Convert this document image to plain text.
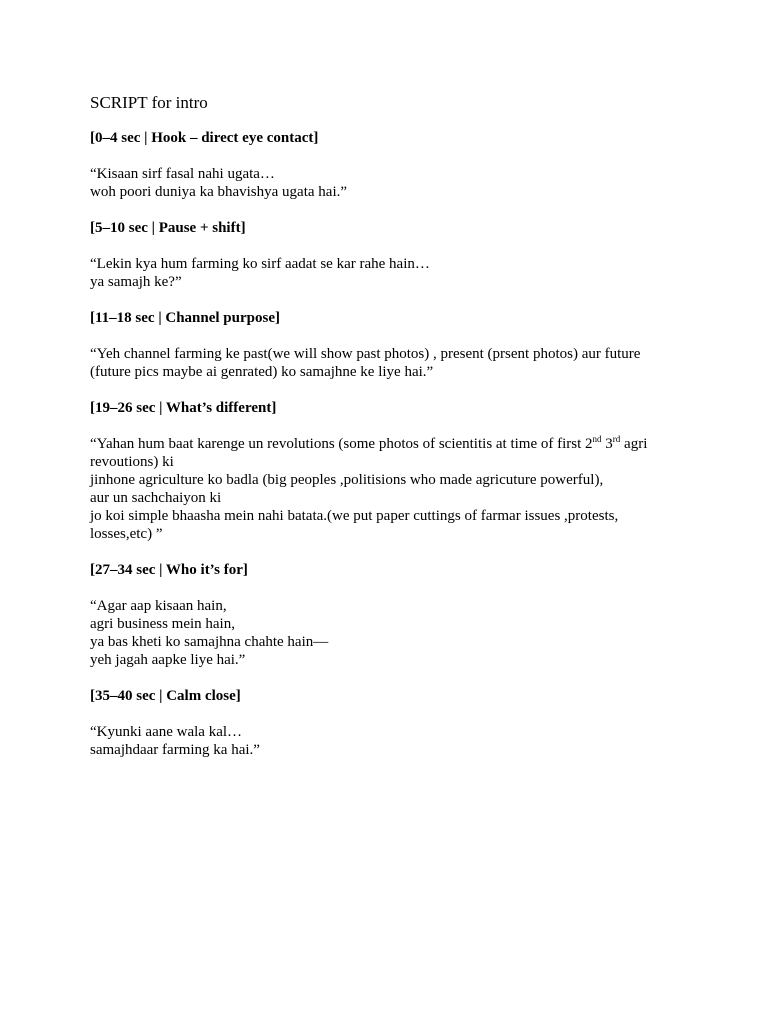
SCRIPT for intro
[0–4 sec | Hook – direct eye contact]
“Kisaan sirf fasal nahi ugata…
woh poori duniya ka bhavishya ugata hai.”
[5–10 sec | Pause + shift]
“Lekin kya hum farming ko sirf aadat se kar rahe hain…
ya samajh ke?”
[11–18 sec | Channel purpose]
“Yeh channel farming ke past(we will show past photos) , present (prsent photos) aur future (future pics maybe ai genrated) ko samajhne ke liye hai.”
[19–26 sec | What’s different]
“Yahan hum baat karenge un revolutions (some photos of scientitis at time of first 2nd 3rd agri revoutions) ki
jinhone agriculture ko badla (big peoples ,politisions who made agricuture powerful),
aur un sachchaiyon ki
jo koi simple bhaasha mein nahi batata.(we put paper cuttings of farmar issues ,protests, losses,etc) ”
[27–34 sec | Who it’s for]
“Agar aap kisaan hain,
agri business mein hain,
ya bas kheti ko samajhna chahte hain—
yeh jagah aapke liye hai.”
[35–40 sec | Calm close]
“Kyunki aane wala kal…
samajhdaar farming ka hai.”
